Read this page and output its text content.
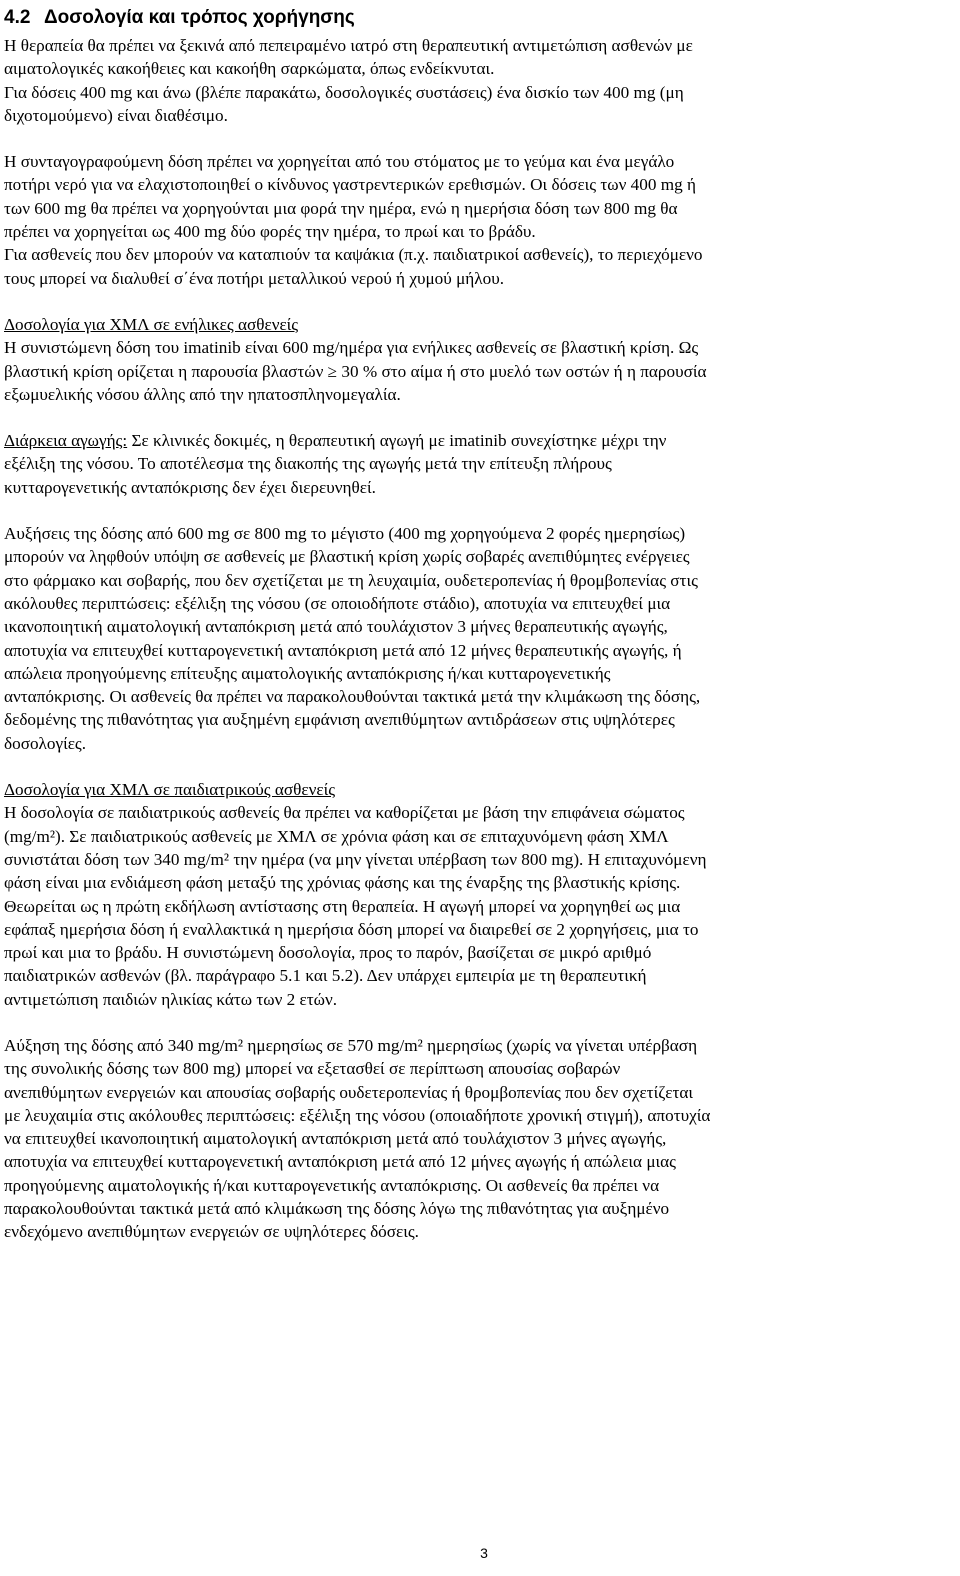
4.2 Δοσολογία και τρόπος χορήγησης

Η θεραπεία θα πρέπει να ξεκινά από πεπειραμένο ιατρό στη θεραπευτική αντιμετώπιση ασθενών με

αιματολογικές κακοήθειες και κακοήθη σαρκώματα, όπως ενδείκνυται.

Για δόσεις 400 mg και άνω (βλέπε παρακάτω, δοσολογικές συστάσεις) ένα δισκίο των 400 mg (μη

διχοτομούμενο) είναι διαθέσιμο.

Η συνταγογραφούμενη δόση πρέπει να χορηγείται από του στόματος με το γεύμα και ένα μεγάλο

ποτήρι νερό για να ελαχιστοποιηθεί ο κίνδυνος γαστρεντερικών ερεθισμών. Οι δόσεις των 400 mg ή

των 600 mg θα πρέπει να χορηγούνται μια φορά την ημέρα, ενώ η ημερήσια δόση των 800 mg θα

πρέπει να χορηγείται ως 400 mg δύο φορές την ημέρα, το πρωί και το βράδυ.

Για ασθενείς που δεν μπορούν να καταπιούν τα καψάκια (π.χ. παιδιατρικοί ασθενείς), το περιεχόμενο

τους μπορεί να διαλυθεί σ΄ένα ποτήρι μεταλλικού νερού ή χυμού μήλου.

Δοσολογία για ΧΜΛ σε ενήλικες ασθενείς

Η συνιστώμενη δόση του imatinib είναι 600 mg/ημέρα για ενήλικες ασθενείς σε βλαστική κρίση. Ως

βλαστική κρίση ορίζεται η παρουσία βλαστών ≥ 30 % στο αίμα ή στο μυελό των οστών ή η παρουσία

εξωμυελικής νόσου άλλης από την ηπατοσπληνομεγαλία.

Διάρκεια αγωγής: Σε κλινικές δοκιμές, η θεραπευτική αγωγή με imatinib συνεχίστηκε μέχρι την

εξέλιξη της νόσου. Το αποτέλεσμα της διακοπής της αγωγής μετά την επίτευξη πλήρους

κυτταρογενετικής ανταπόκρισης δεν έχει διερευνηθεί.

Αυξήσεις της δόσης από 600 mg σε 800 mg το μέγιστο (400 mg χορηγούμενα 2 φορές ημερησίως)

μπορούν να ληφθούν υπόψη σε ασθενείς με βλαστική κρίση χωρίς σοβαρές ανεπιθύμητες ενέργειες

στο φάρμακο και σοβαρής, που δεν σχετίζεται με τη λευχαιμία, ουδετεροπενίας ή θρομβοπενίας στις

ακόλουθες περιπτώσεις: εξέλιξη της νόσου (σε οποιοδήποτε στάδιο), αποτυχία να επιτευχθεί μια

ικανοποιητική αιματολογική ανταπόκριση μετά από τουλάχιστον 3 μήνες θεραπευτικής αγωγής,

αποτυχία να επιτευχθεί κυτταρογενετική ανταπόκριση μετά από 12 μήνες θεραπευτικής αγωγής, ή

απώλεια προηγούμενης επίτευξης αιματολογικής ανταπόκρισης ή/και κυτταρογενετικής

ανταπόκρισης. Οι ασθενείς θα πρέπει να παρακολουθούνται τακτικά μετά την κλιμάκωση της δόσης,

δεδομένης της πιθανότητας για αυξημένη εμφάνιση ανεπιθύμητων αντιδράσεων στις υψηλότερες

δοσολογίες.

Δοσολογία για ΧΜΛ σε παιδιατρικούς ασθενείς

Η δοσολογία σε παιδιατρικούς ασθενείς θα πρέπει να καθορίζεται με βάση την επιφάνεια σώματος

(mg/m²). Σε παιδιατρικούς ασθενείς με ΧΜΛ σε χρόνια φάση και σε επιταχυνόμενη φάση ΧΜΛ

συνιστάται δόση των 340 mg/m² την ημέρα (να μην γίνεται υπέρβαση των 800 mg). Η επιταχυνόμενη

φάση είναι μια ενδιάμεση φάση μεταξύ της χρόνιας φάσης και της έναρξης της βλαστικής κρίσης.

Θεωρείται ως η πρώτη εκδήλωση αντίστασης στη θεραπεία. Η αγωγή μπορεί να χορηγηθεί ως μια

εφάπαξ ημερήσια δόση ή εναλλακτικά η ημερήσια δόση μπορεί να διαιρεθεί σε 2 χορηγήσεις, μια το

πρωί και μια το βράδυ. Η συνιστώμενη δοσολογία, προς το παρόν, βασίζεται σε μικρό αριθμό

παιδιατρικών ασθενών (βλ. παράγραφο 5.1 και 5.2). Δεν υπάρχει εμπειρία με τη θεραπευτική

αντιμετώπιση παιδιών ηλικίας κάτω των 2 ετών.

Αύξηση της δόσης από 340 mg/m² ημερησίως σε 570 mg/m² ημερησίως (χωρίς να γίνεται υπέρβαση

της συνολικής δόσης των 800 mg) μπορεί να εξετασθεί σε περίπτωση απουσίας σοβαρών

ανεπιθύμητων ενεργειών και απουσίας σοβαρής ουδετεροπενίας ή θρομβοπενίας που δεν σχετίζεται

με λευχαιμία στις ακόλουθες περιπτώσεις: εξέλιξη της νόσου (οποιαδήποτε χρονική στιγμή), αποτυχία

να επιτευχθεί ικανοποιητική αιματολογική ανταπόκριση μετά από τουλάχιστον 3 μήνες αγωγής,

αποτυχία να επιτευχθεί κυτταρογενετική ανταπόκριση μετά από 12 μήνες αγωγής ή απώλεια μιας

προηγούμενης αιματολογικής ή/και κυτταρογενετικής ανταπόκρισης. Οι ασθενείς θα πρέπει να

παρακολουθούνται τακτικά μετά από κλιμάκωση της δόσης λόγω της πιθανότητας για αυξημένο

ενδεχόμενο ανεπιθύμητων ενεργειών σε υψηλότερες δόσεις.

3
